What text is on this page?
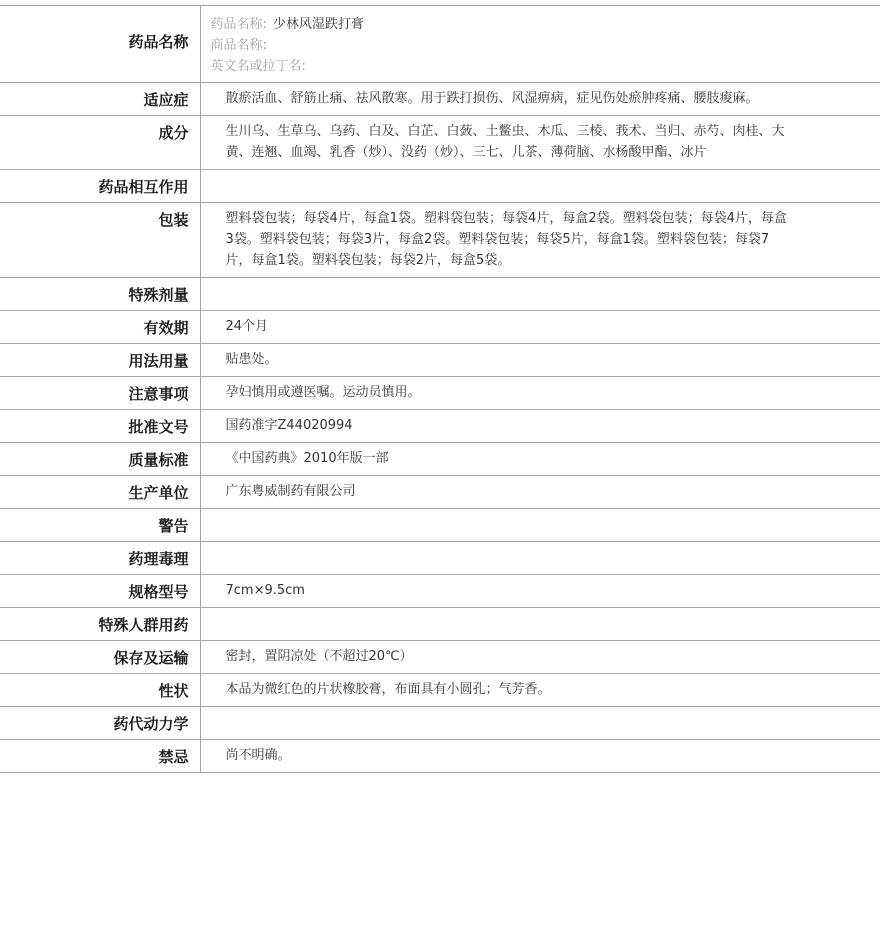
药品名称	药品名称: 少林风湿跌打膏
商品名称:
英文名或拉丁名:

适应症	散瘀活血、舒筋止痛、祛风散寒。用于跌打损伤、风湿痹病，症见伤处瘀肿疼痛、腰肢痠麻。
成分	生川乌、生草乌、乌药、白及、白芷、白蔹、土鳖虫、木瓜、三棱、莪术、当归、赤芍、肉桂、大黄、连翘、血竭、乳香（炒）、没药（炒）、三七、儿茶、薄荷脑、水杨酸甲酯、冰片
药品相互作用	
包装	塑料袋包装；每袋4片，每盒1袋。塑料袋包装；每袋4片，每盒2袋。塑料袋包装；每袋4片，每盒3袋。塑料袋包装；每袋3片，每盒2袋。塑料袋包装；每袋5片，每盒1袋。塑料袋包装；每袋7片，每盒1袋。塑料袋包装；每袋2片，每盒5袋。
特殊剂量	
有效期	24个月
用法用量	贴患处。
注意事项	孕妇慎用或遵医嘱。运动员慎用。
批准文号	国药准字Z44020994
质量标准	《中国药典》2010年版一部
生产单位	广东粤威制药有限公司
警告	
药理毒理	
规格型号	7cm×9.5cm
特殊人群用药	
保存及运输	密封，置阴凉处（不超过20℃）
性状	本品为微红色的片状橡胶膏，布面具有小圆孔；气芳香。
药代动力学	
禁忌	尚不明确。
